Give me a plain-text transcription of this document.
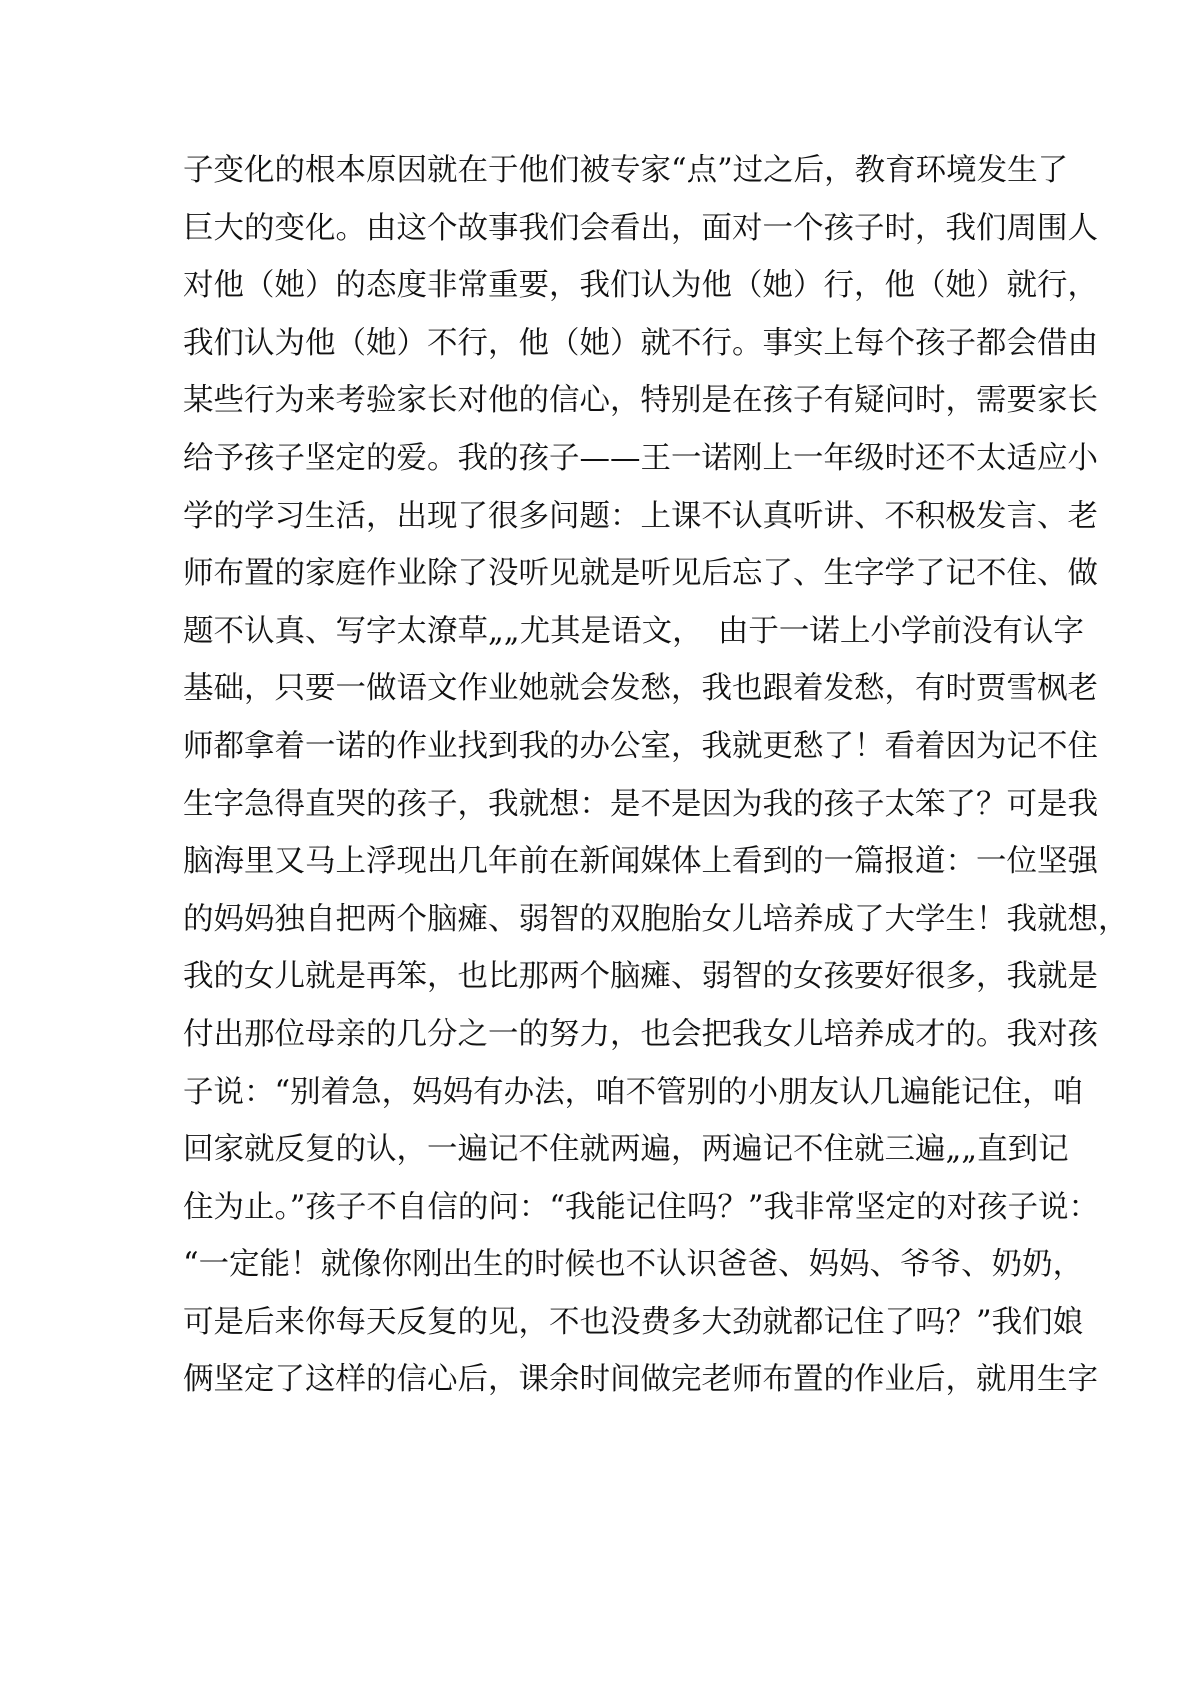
子变化的根本原因就在于他们被专家“点”过之后，教育环境发生了
巨大的变化。由这个故事我们会看出，面对一个孩子时，我们周围人
对他（她）的态度非常重要，我们认为他（她）行，他（她）就行，
我们认为他（她）不行，他（她）就不行。事实上每个孩子都会借由
某些行为来考验家长对他的信心，特别是在孩子有疑问时，需要家长
给予孩子坚定的爱。我的孩子——王一诺刚上一年级时还不太适应小
学的学习生活，出现了很多问题：上课不认真听讲、不积极发言、老
师布置的家庭作业除了没听见就是听见后忘了、生字学了记不住、做
题不认真、写字太潦草„„尤其是语文，　由于一诺上小学前没有认字
基础，只要一做语文作业她就会发愁，我也跟着发愁，有时贾雪枫老
师都拿着一诺的作业找到我的办公室，我就更愁了！看着因为记不住
生字急得直哭的孩子，我就想：是不是因为我的孩子太笨了？可是我
脑海里又马上浮现出几年前在新闻媒体上看到的一篇报道：一位坚强
的妈妈独自把两个脑瘫、弱智的双胞胎女儿培养成了大学生！我就想，
我的女儿就是再笨，也比那两个脑瘫、弱智的女孩要好很多，我就是
付出那位母亲的几分之一的努力，也会把我女儿培养成才的。我对孩
子说：“别着急，妈妈有办法，咱不管别的小朋友认几遍能记住，咱
回家就反复的认，一遍记不住就两遍，两遍记不住就三遍„„直到记
住为止。”孩子不自信的问：“我能记住吗？”我非常坚定的对孩子说：
“一定能！就像你刚出生的时候也不认识爸爸、妈妈、爷爷、奶奶，
可是后来你每天反复的见，不也没费多大劲就都记住了吗？”我们娘
俩坚定了这样的信心后，课余时间做完老师布置的作业后，就用生字
